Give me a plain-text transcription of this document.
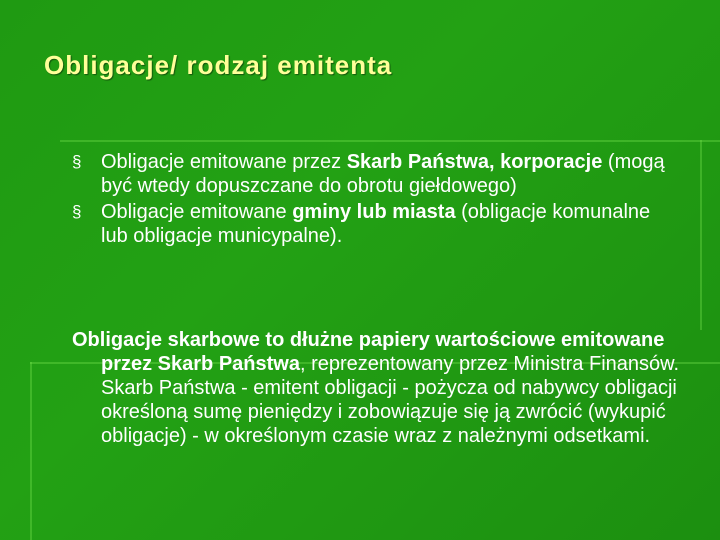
Obligacje/ rodzaj emitenta
§ Obligacje emitowane przez Skarb Państwa, korporacje (mogą być wtedy dopuszczane do obrotu giełdowego)
§ Obligacje emitowane gminy lub miasta (obligacje komunalne lub obligacje municypalne).

Obligacje skarbowe to dłużne papiery wartościowe emitowane przez Skarb Państwa, reprezentowany przez Ministra Finansów. Skarb Państwa - emitent obligacji - pożycza od nabywcy obligacji określoną sumę pieniędzy i zobowiązuje się ją zwrócić (wykupić obligacje) - w określonym czasie wraz z należnymi odsetkami.
